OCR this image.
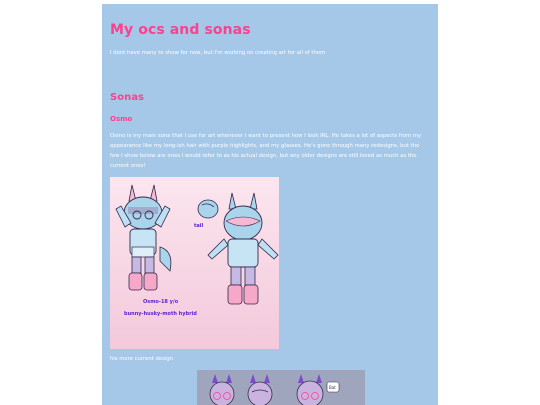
My ocs and sonas

I dont have many to show for now, but I'm working on creating art for all of them

Sonas
Osmo

Osmo is my main sona that I use for art whenever I want to present how I look IRL. He takes a lot of aspects from my appearance like my long-ish hair with purple highlights, and my glasses. He's gone through many redesigns, but the few I show below are ones I would refer to as his actual design, but any older designs are still loved as much as the current ones!

tail
Osmo-18 y/o
bunny-husky-moth hybrid

his more current design

Bat
